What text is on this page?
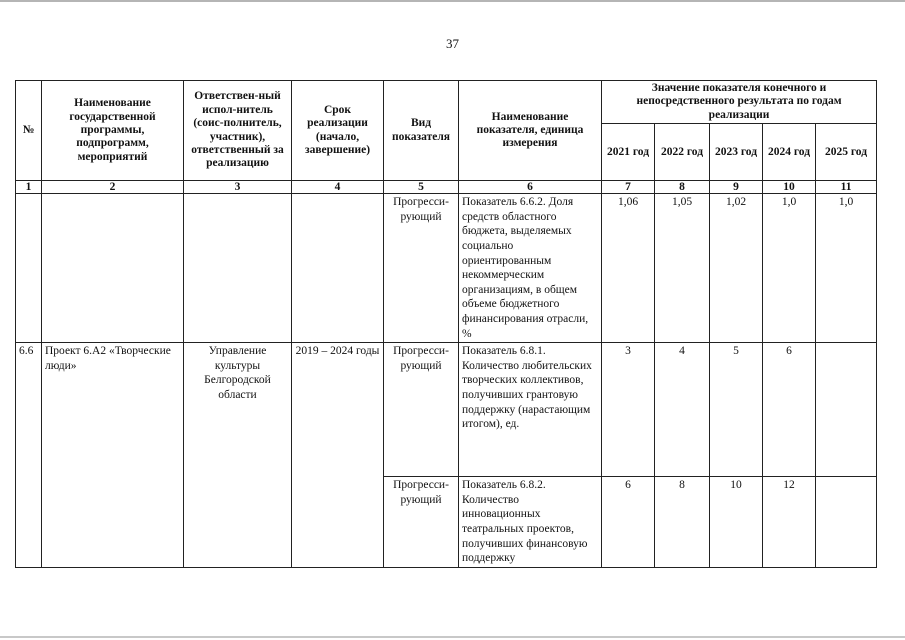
37
№	Наименование государственной программы, подпрограмм, мероприятий	Ответствен-ный испол-нитель (соис-полнитель, участник), ответственный за реализацию	Срок реализации (начало, завершение)	Вид показателя	Наименование показателя, единица измерения	Значение показателя конечного и непосредственного результата по годам реализации				
						2021 год	2022 год	2023 год	2024 год	2025 год
1	2	3	4	5	6	7	8	9	10	11
				Прогресси-рующий	Показатель 6.6.2. Доля средств областного бюджета, выделяемых социально ориентированным некоммерческим организациям, в общем объеме бюджетного финансирования отрасли, %	1,06	1,05	1,02	1,0	1,0
6.6	Проект 6.А2 «Творческие люди»	Управление культуры Белгородской области	2019 – 2024 годы	Прогресси-рующий	Показатель 6.8.1. Количество любительских творческих коллективов, получивших грантовую поддержку (нарастающим итогом), ед.	3	4	5	6	
				Прогресси-рующий	Показатель 6.8.2. Количество инновационных театральных проектов, получивших финансовую поддержку	6	8	10	12	
